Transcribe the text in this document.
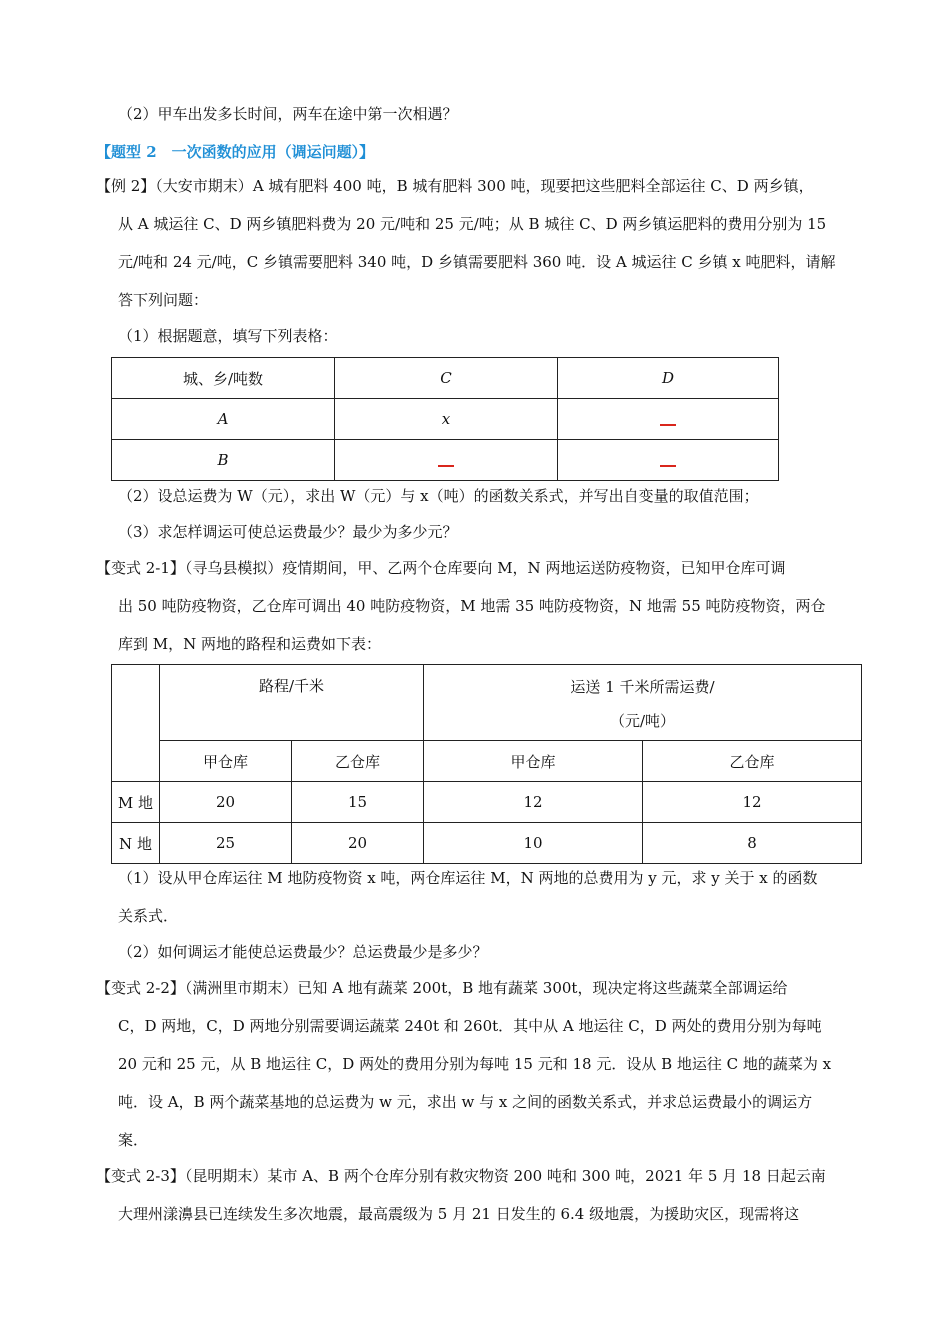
（2）甲车出发多长时间，两车在途中第一次相遇？
【题型 2　一次函数的应用（调运问题）】
【例 2】（大安市期末）A 城有肥料 400 吨，B 城有肥料 300 吨，现要把这些肥料全部运往 C、D 两乡镇，
从 A 城运往 C、D 两乡镇肥料费为 20 元/吨和 25 元/吨；从 B 城往 C、D 两乡镇运肥料的费用分别为 15
元/吨和 24 元/吨，C 乡镇需要肥料 340 吨，D 乡镇需要肥料 360 吨．设 A 城运往 C 乡镇 x 吨肥料，请解
答下列问题：
（1）根据题意，填写下列表格：
城、乡/吨数	C	D
A	x	
B		
（2）设总运费为 W（元），求出 W（元）与 x（吨）的函数关系式，并写出自变量的取值范围；
（3）求怎样调运可使总运费最少？最少为多少元？
【变式 2-1】（寻乌县模拟）疫情期间，甲、乙两个仓库要向 M，N 两地运送防疫物资，已知甲仓库可调
出 50 吨防疫物资，乙仓库可调出 40 吨防疫物资，M 地需 35 吨防疫物资，N 地需 55 吨防疫物资，两仓
库到 M，N 两地的路程和运费如下表：
	路程/千米		运送 1 千米所需运费/
（元/吨）	
	甲仓库	乙仓库	甲仓库	乙仓库
M 地	20	15	12	12
N 地	25	20	10	8
（1）设从甲仓库运往 M 地防疫物资 x 吨，两仓库运往 M，N 两地的总费用为 y 元，求 y 关于 x 的函数
关系式．
（2）如何调运才能使总运费最少？总运费最少是多少？
【变式 2-2】（满洲里市期末）已知 A 地有蔬菜 200t，B 地有蔬菜 300t，现决定将这些蔬菜全部调运给
C，D 两地，C，D 两地分别需要调运蔬菜 240t 和 260t．其中从 A 地运往 C，D 两处的费用分别为每吨
20 元和 25 元，从 B 地运往 C，D 两处的费用分别为每吨 15 元和 18 元．设从 B 地运往 C 地的蔬菜为 x
吨．设 A，B 两个蔬菜基地的总运费为 w 元，求出 w 与 x 之间的函数关系式，并求总运费最小的调运方
案．
【变式 2-3】（昆明期末）某市 A、B 两个仓库分别有救灾物资 200 吨和 300 吨，2021 年 5 月 18 日起云南
大理州漾濞县已连续发生多次地震，最高震级为 5 月 21 日发生的 6.4 级地震，为援助灾区，现需将这
